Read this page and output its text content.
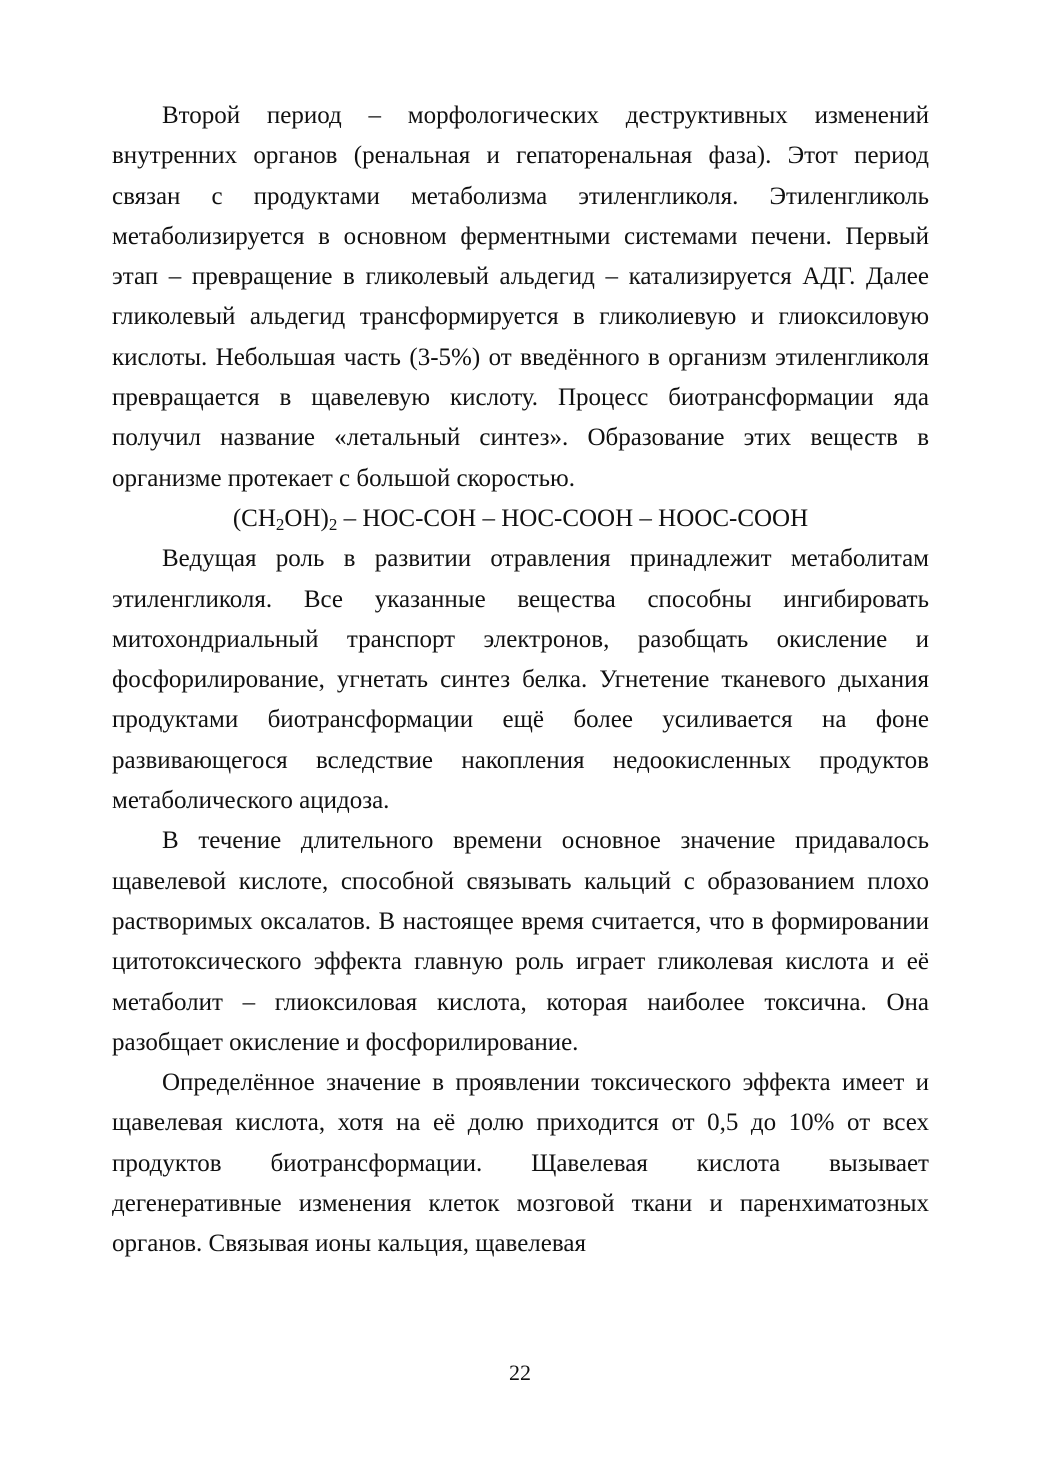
Второй период – морфологических деструктивных изменений внутренних органов (ренальная и гепаторенальная фаза). Этот период связан с продуктами метаболизма этиленгликоля. Этиленгликоль метаболизируется в основном ферментными системами печени. Первый этап – превращение в гликолевый альдегид – катализируется АДГ. Далее гликолевый альдегид трансформируется в гликолиевую и глиоксиловую кислоты. Небольшая часть (3-5%) от введённого в организм этиленгликоля превращается в щавелевую кислоту. Процесс биотрансформации яда получил название «летальный синтез». Образование этих веществ в организме протекает с большой скоростью.

$(CH_2OH)_2 - HOC-COH$ – HOC-COOH – HOOC-COOH

Ведущая роль в развитии отравления принадлежит метаболитам этиленгликоля. Все указанные вещества способны ингибировать митохондриальный транспорт электронов, разобщать окисление и фосфорилирование, угнетать синтез белка. Угнетение тканевого дыхания продуктами биотрансформации ещё более усиливается на фоне развивающегося вследствие накопления недоокисленных продуктов метаболического ацидоза.

В течение длительного времени основное значение придавалось щавелевой кислоте, способной связывать кальций с образованием плохо растворимых оксалатов. В настоящее время считается, что в формировании цитотоксического эффекта главную роль играет гликолевая кислота и её метаболит – глиоксиловая кислота, которая наиболее токсична. Она разобщает окисление и фосфорилирование.

Определённое значение в проявлении токсического эффекта имеет и щавелевая кислота, хотя на её долю приходится от 0,5 до 10% от всех продуктов биотрансформации. Щавелевая кислота вызывает дегенеративные изменения клеток мозговой ткани и паренхиматозных органов. Связывая ионы кальция, щавелевая

22
